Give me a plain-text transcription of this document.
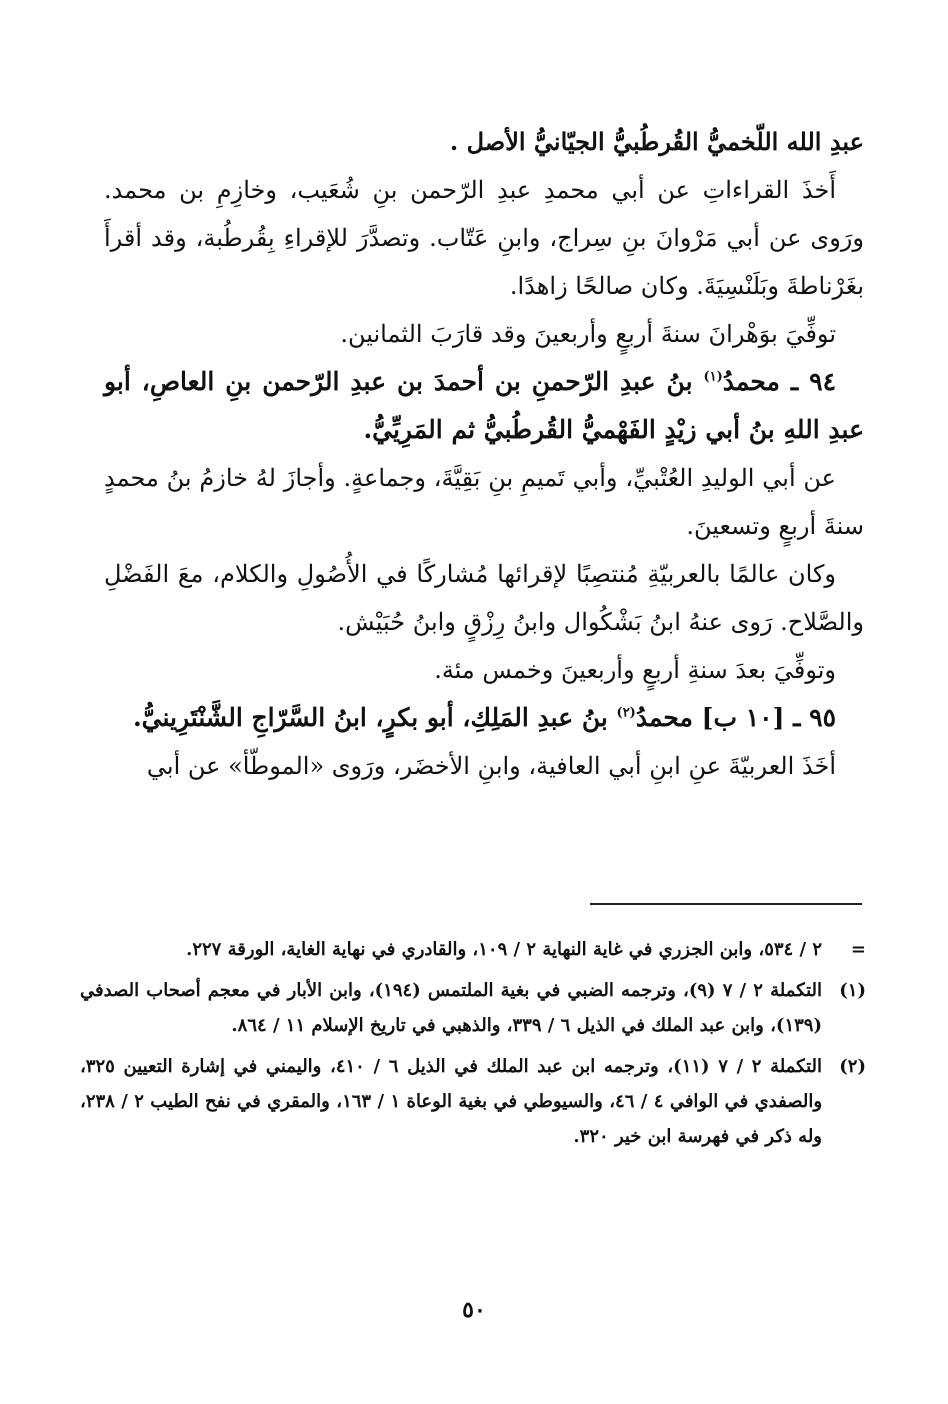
عبدِ الله اللّخميُّ القُرطُبيُّ الجيّانيُّ الأصل .

أَخذَ القراءاتِ عن أبي محمدِ عبدِ الرّحمن بنِ شُعَيب، وخازِمِ بن محمد. ورَوى عن أبي مَرْوانَ بنِ سِراج، وابنِ عَتّاب. وتصدَّرَ للإقراءِ بِقُرطُبة، وقد أقرأَ بغَرْناطةَ وبَلَنْسِيَةَ. وكان صالحًا زاهدًا.

توفِّيَ بوَهْرانَ سنةَ أربعٍ وأربعينَ وقد قارَبَ الثمانين.

٩٤ ـ محمدُ$^{(١)}$ بنُ عبدِ الرّحمنِ بن أحمدَ بن عبدِ الرّحمن بنِ العاصِ، أبو عبدِ اللهِ بنُ أبي زيْدٍ الفَهْميُّ القُرطُبيُّ ثم المَرِيِّيُّ.

عن أبي الوليدِ العُتْبيِّ، وأبي تَميمِ بنِ بَقِيَّةَ، وجماعةٍ. وأجازَ لهُ خازمُ بنُ محمدٍ سنةَ أربعٍ وتسعينَ.

وكان عالمًا بالعربيّةِ مُنتصِبًا لإقرائها مُشاركًا في الأُصُولِ والكلام، معَ الفَضْلِ والصَّلاح. رَوى عنهُ ابنُ بَشْكُوال وابنُ رِزْقٍ وابنُ حُبَيْش.

وتوفِّيَ بعدَ سنةِ أربعٍ وأربعينَ وخمس مئة.

٩٥ ـ [١٠ ب] محمدُ$^{(٢)}$ بنُ عبدِ المَلِكِ، أبو بكرٍ، ابنُ السَّرّاجِ الشَّنْتَرِينيُّ.

أخَذَ العربيّةَ عنِ ابنِ أبي العافية، وابنِ الأخضَر، ورَوى «الموطّأ» عن أبي

=
٢ / ٥٣٤، وابن الجزري في غاية النهاية ٢ / ١٠٩، والقادري في نهاية الغاية، الورقة ٢٢٧.
(١)
التكملة ٢ / ٧ (٩)، وترجمه الضبي في بغية الملتمس (١٩٤)، وابن الأبار في معجم أصحاب الصدفي (١٣٩)، وابن عبد الملك في الذيل ٦ / ٣٣٩، والذهبي في تاريخ الإسلام ١١ / ٨٦٤.
(٢)
التكملة ٢ / ٧ (١١)، وترجمه ابن عبد الملك في الذيل ٦ / ٤١٠، واليمني في إشارة التعيين ٣٢٥، والصفدي في الوافي ٤ / ٤٦، والسيوطي في بغية الوعاة ١ / ١٦٣، والمقري في نفح الطيب ٢ / ٢٣٨، وله ذكر في فهرسة ابن خير ٣٢٠.
٥٠
